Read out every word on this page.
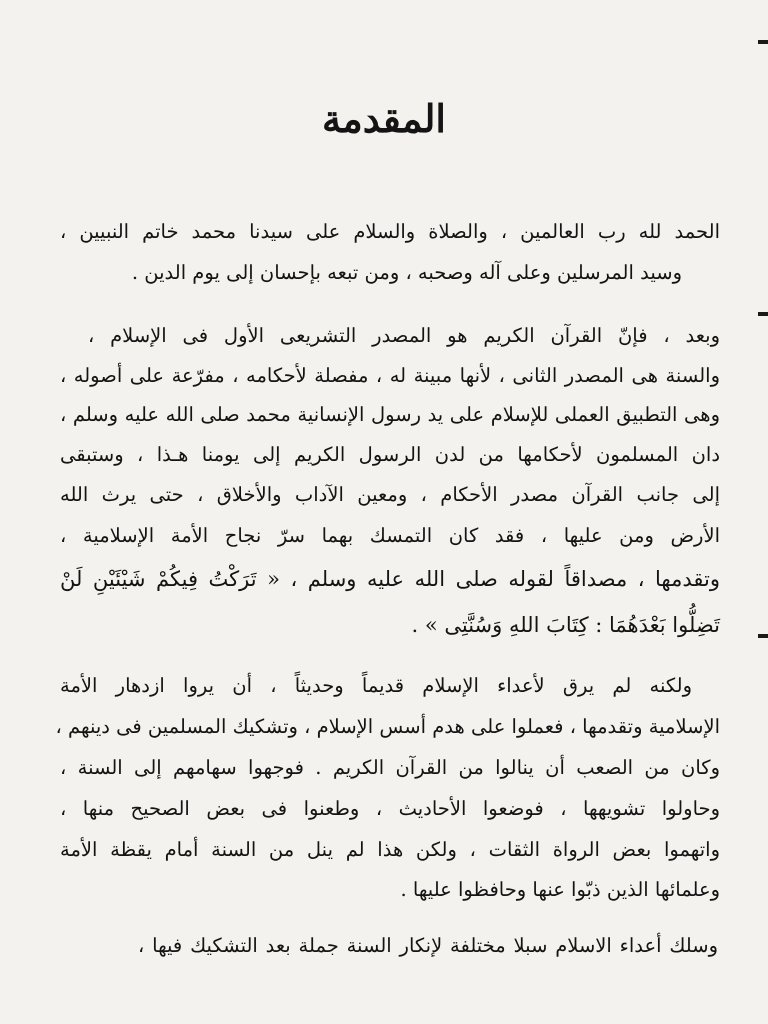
المقدمة
الحمد لله رب العالمين ، والصلاة والسلام على سيدنا محمد خاتم النبيين ،
وسيد المرسلين وعلى آله وصحبه ، ومن تبعه بإحسان إلى يوم الدين .
وبعد ، فإنّ القرآن الكريم هو المصدر التشريعى الأول فى الإسلام ،
والسنة هى المصدر الثانى ، لأنها مبينة له ، مفصلة لأحكامه ، مفرّعة على أصوله ،
وهى التطبيق العملى للإسلام على يد رسول الإنسانية محمد صلى الله عليه وسلم ،
دان المسلمون لأحكامها من لدن الرسول الكريم إلى يومنا هـذا ، وستبقى
إلى جانب القرآن مصدر الأحكام ، ومعين الآداب والأخلاق ، حتى يرث الله
الأرض ومن عليها ، فقد كان التمسك بهما سرّ نجاح الأمة الإسلامية ،
وتقدمها ، مصداقاً لقوله صلى الله عليه وسلم ، « تَرَكْتُ فِيكُمْ شَيْئَيْنِ لَنْ
تَضِلُّوا بَعْدَهُمَا : كِتَابَ اللهِ وَسُنَّتِى » .
ولكنه لم يرق لأعداء الإسلام قديماً وحديثاً ، أن يروا ازدهار الأمة
الإسلامية وتقدمها ، فعملوا على هدم أسس الإسلام ، وتشكيك المسلمين فى دينهم ،
وكان من الصعب أن ينالوا من القرآن الكريم . فوجهوا سهامهم إلى السنة ،
وحاولوا تشويهها ، فوضعوا الأحاديث ، وطعنوا فى بعض الصحيح منها ،
واتهموا بعض الرواة الثقات ، ولكن هذا لم ينل من السنة أمام يقظة الأمة
وعلمائها الذين ذبّوا عنها وحافظوا عليها .
وسلك أعداء الاسلام سبلا مختلفة لإنكار السنة جملة بعد التشكيك فيها ،
